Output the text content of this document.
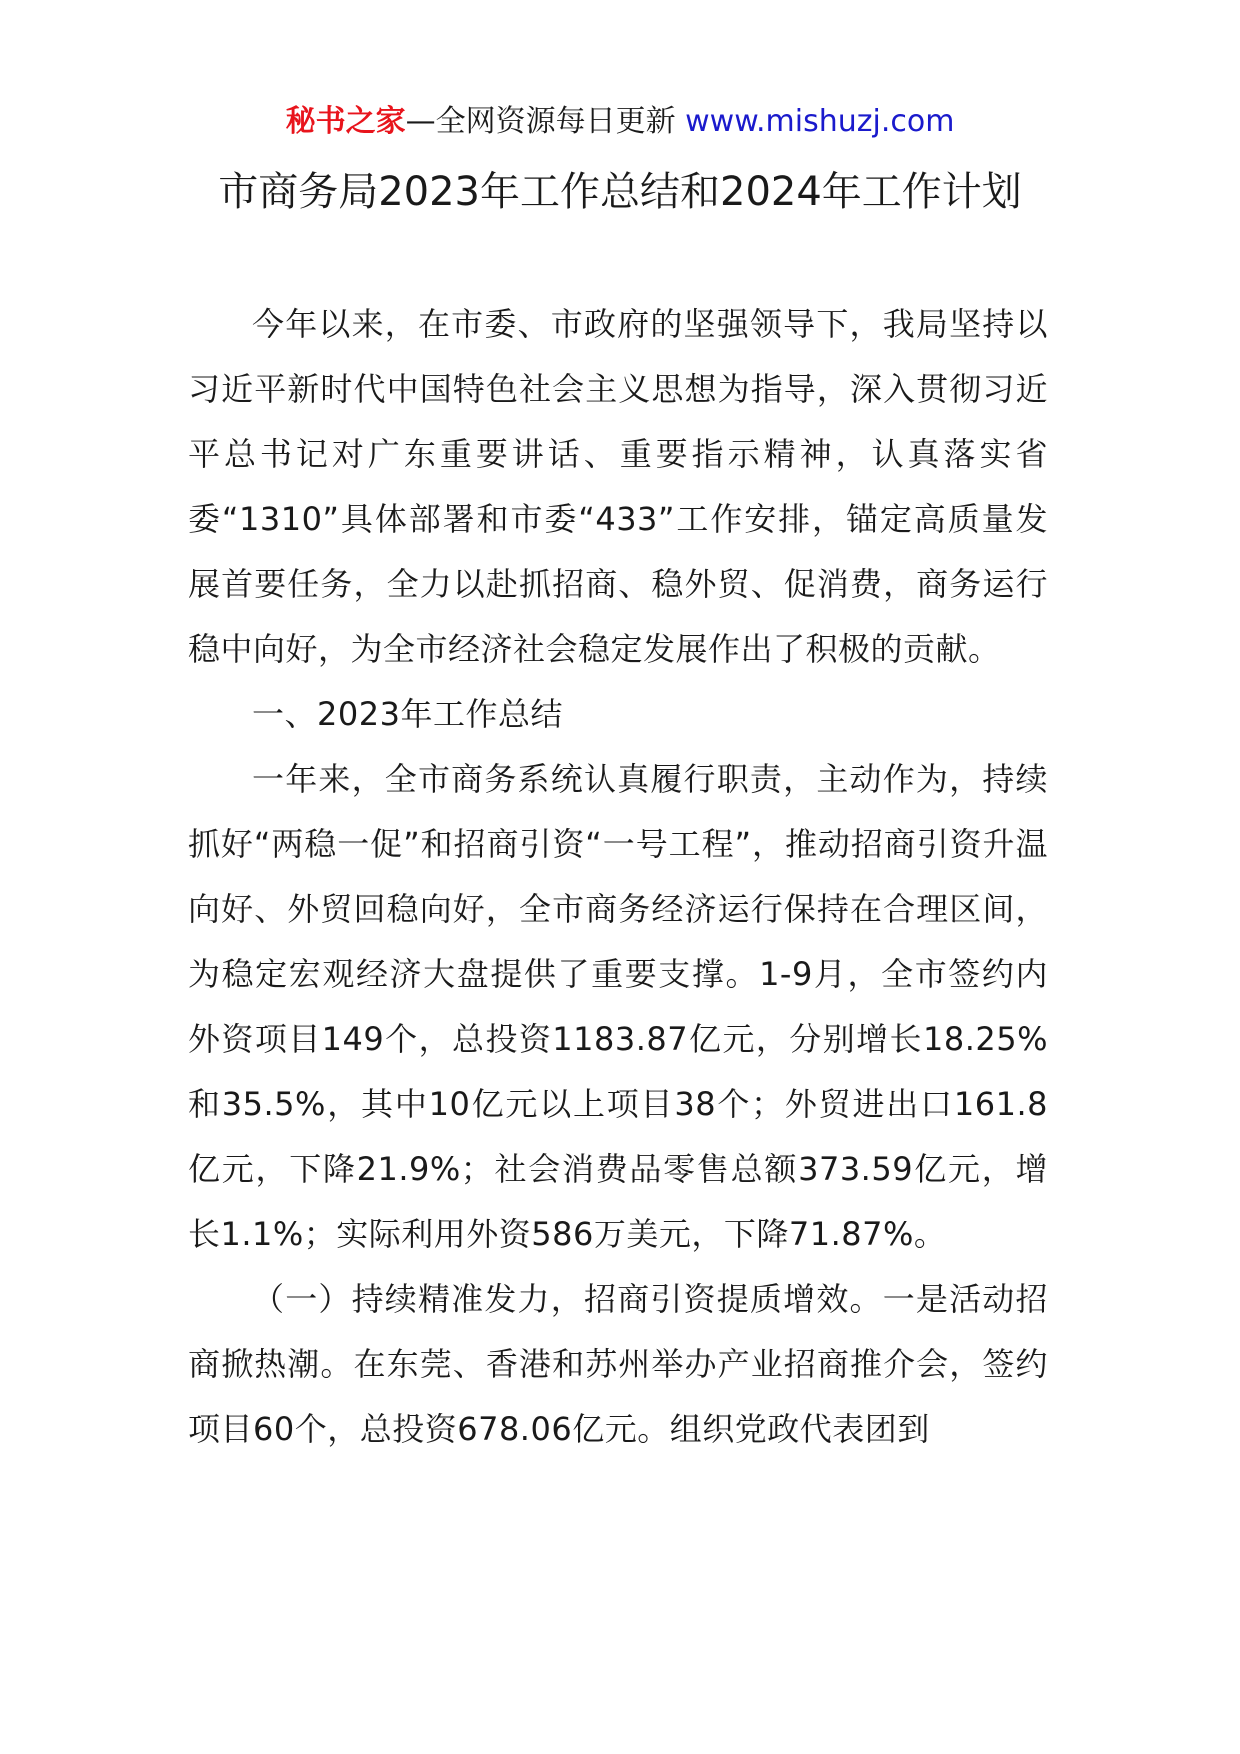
秘书之家—全网资源每日更新 www.mishuzj.com
市商务局2023年工作总结和2024年工作计划

今年以来，在市委、市政府的坚强领导下，我局坚持以习近平新时代中国特色社会主义思想为指导，深入贯彻习近平总书记对广东重要讲话、重要指示精神，认真落实省委“1310”具体部署和市委“433”工作安排，锚定高质量发展首要任务，全力以赴抓招商、稳外贸、促消费，商务运行稳中向好，为全市经济社会稳定发展作出了积极的贡献。

一、2023年工作总结

一年来，全市商务系统认真履行职责，主动作为，持续抓好“两稳一促”和招商引资“一号工程”，推动招商引资升温向好、外贸回稳向好，全市商务经济运行保持在合理区间，为稳定宏观经济大盘提供了重要支撑。1-9月，全市签约内外资项目149个，总投资1183.87亿元，分别增长18.25%和35.5%，其中10亿元以上项目38个；外贸进出口161.8亿元，下降21.9%；社会消费品零售总额373.59亿元，增长1.1%；实际利用外资586万美元，下降71.87%。

（一）持续精准发力，招商引资提质增效。一是活动招商掀热潮。在东莞、香港和苏州举办产业招商推介会，签约项目60个，总投资678.06亿元。组织党政代表团到
